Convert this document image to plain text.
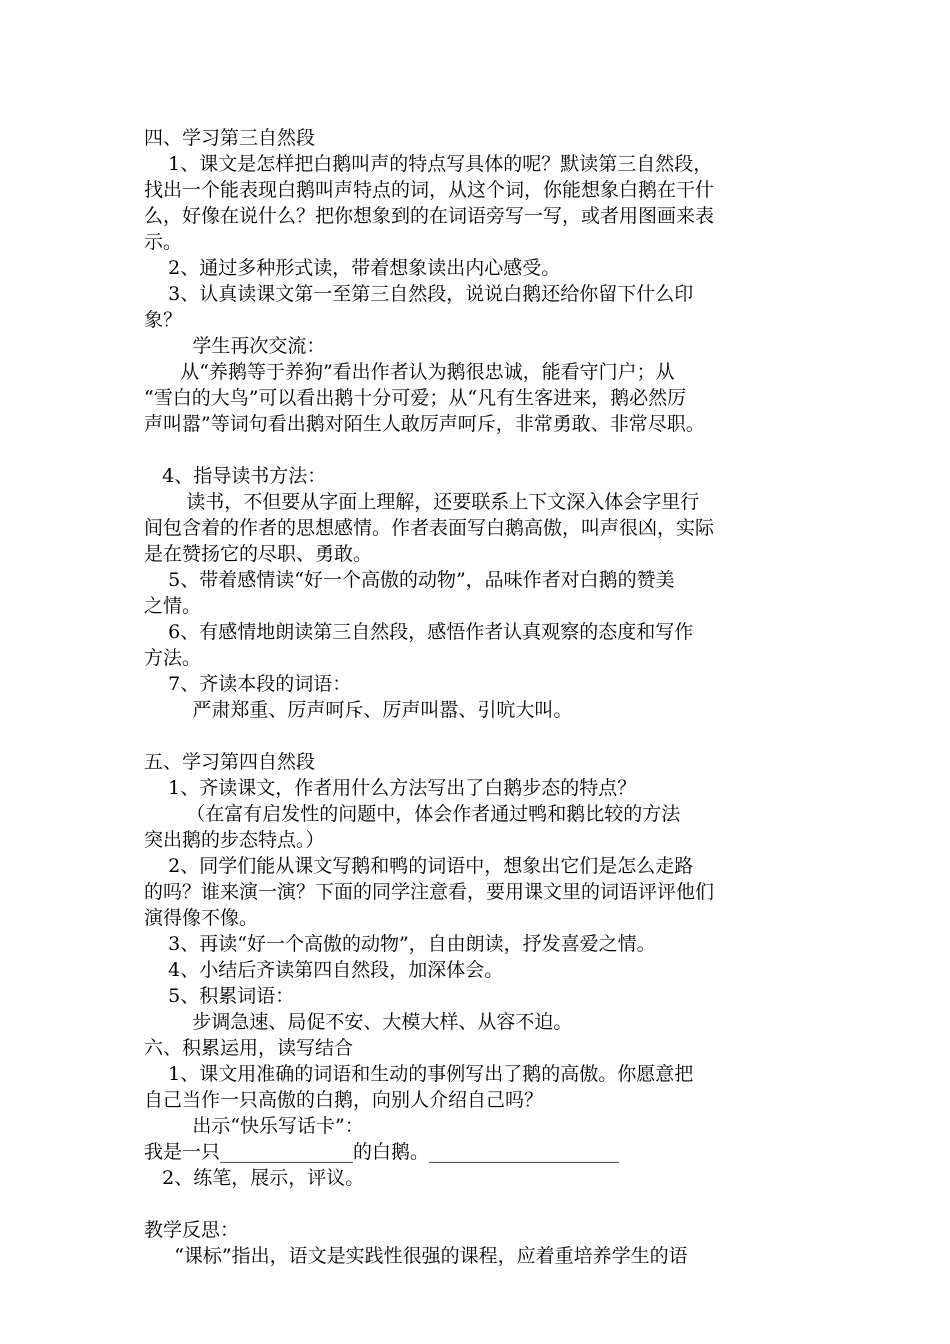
四、学习第三自然段
1、课文是怎样把白鹅叫声的特点写具体的呢？默读第三自然段，
找出一个能表现白鹅叫声特点的词，从这个词，你能想象白鹅在干什
么，好像在说什么？把你想象到的在词语旁写一写，或者用图画来表
示。
2、通过多种形式读，带着想象读出内心感受。
3、认真读课文第一至第三自然段，说说白鹅还给你留下什么印
象？
学生再次交流：
从“养鹅等于养狗”看出作者认为鹅很忠诚，能看守门户；从
“雪白的大鸟”可以看出鹅十分可爱；从“凡有生客进来，鹅必然厉
声叫嚣”等词句看出鹅对陌生人敢厉声呵斥，非常勇敢、非常尽职。
4、指导读书方法：
读书，不但要从字面上理解，还要联系上下文深入体会字里行
间包含着的作者的思想感情。作者表面写白鹅高傲，叫声很凶，实际
是在赞扬它的尽职、勇敢。
5、带着感情读“好一个高傲的动物”，品味作者对白鹅的赞美
之情。
6、有感情地朗读第三自然段，感悟作者认真观察的态度和写作
方法。
7、齐读本段的词语：
严肃郑重、厉声呵斥、厉声叫嚣、引吭大叫。
五、学习第四自然段
1、齐读课文，作者用什么方法写出了白鹅步态的特点？
（在富有启发性的问题中，体会作者通过鸭和鹅比较的方法
突出鹅的步态特点。）
2、同学们能从课文写鹅和鸭的词语中，想象出它们是怎么走路
的吗？谁来演一演？下面的同学注意看，要用课文里的词语评评他们
演得像不像。
3、再读“好一个高傲的动物”，自由朗读，抒发喜爱之情。
4、小结后齐读第四自然段，加深体会。
5、积累词语：
步调急速、局促不安、大模大样、从容不迫。
六、积累运用，读写结合
1、课文用准确的词语和生动的事例写出了鹅的高傲。你愿意把
自己当作一只高傲的白鹅，向别人介绍自己吗？
出示“快乐写话卡”：
我是一只______________的白鹅。____________________
2、练笔，展示，评议。
教学反思：
“课标”指出，语文是实践性很强的课程，应着重培养学生的语
